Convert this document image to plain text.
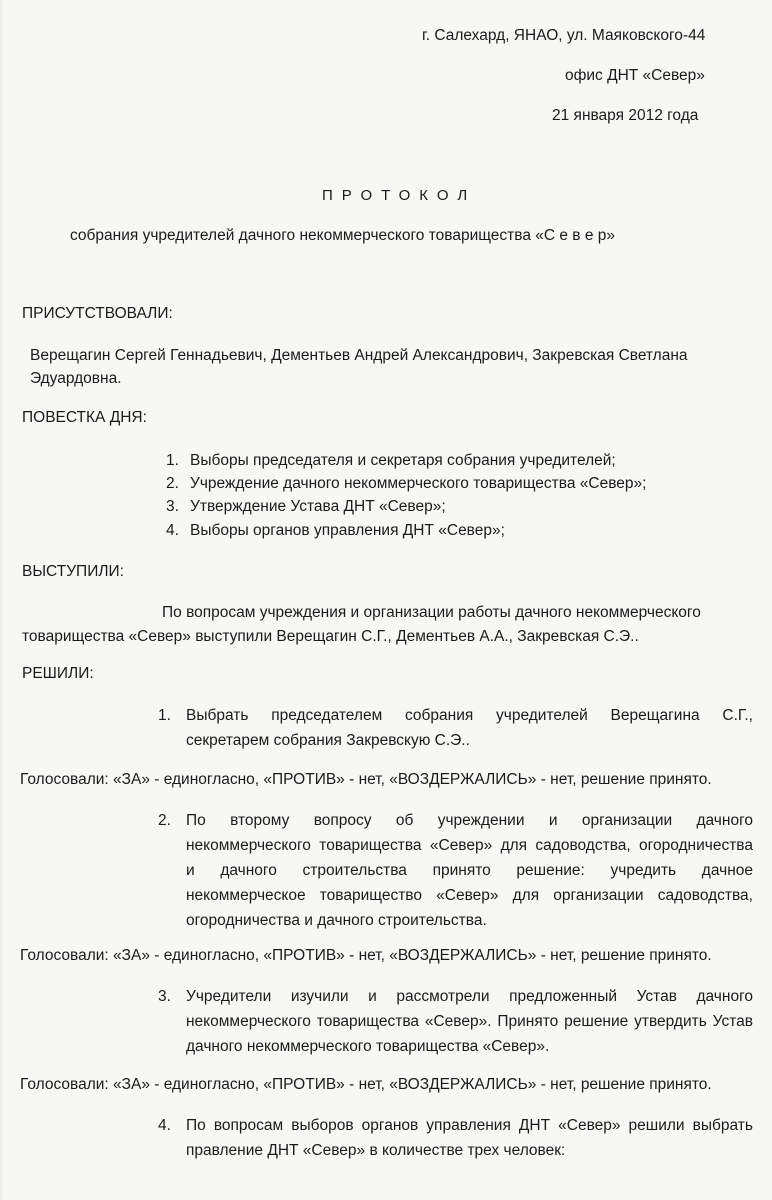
г. Салехард, ЯНАО, ул. Маяковского-44
офис ДНТ «Север»
21 января 2012 года
ПРОТОКОЛ
собрания учредителей дачного некоммерческого товарищества «С е в е р»
ПРИСУТСТВОВАЛИ:
Верещагин Сергей Геннадьевич, Дементьев Андрей Александрович, Закревская Светлана
Эдуардовна.
ПОВЕСТКА ДНЯ:
1. Выборы председателя и секретаря собрания учредителей;
2. Учреждение дачного некоммерческого товарищества «Север»;
3. Утверждение Устава ДНТ «Север»;
4. Выборы органов управления ДНТ «Север»;
ВЫСТУПИЛИ:
По вопросам учреждения и организации работы дачного некоммерческого
товарищества «Север» выступили Верещагин С.Г., Дементьев А.А., Закревская С.Э..
РЕШИЛИ:
1. Выбрать председателем собрания учредителей Верещагина С.Г.,
секретарем собрания Закревскую С.Э..
Голосовали: «ЗА» - единогласно, «ПРОТИВ» - нет, «ВОЗДЕРЖАЛИСЬ» - нет, решение принято.
2. По второму вопросу об учреждении и организации дачного
некоммерческого товарищества «Север» для садоводства, огородничества
и дачного строительства принято решение: учредить дачное
некоммерческое товарищество «Север» для организации садоводства,
огородничества и дачного строительства.
Голосовали: «ЗА» - единогласно, «ПРОТИВ» - нет, «ВОЗДЕРЖАЛИСЬ» - нет, решение принято.
3. Учредители изучили и рассмотрели предложенный Устав дачного
некоммерческого товарищества «Север». Принято решение утвердить Устав
дачного некоммерческого товарищества «Север».
Голосовали: «ЗА» - единогласно, «ПРОТИВ» - нет, «ВОЗДЕРЖАЛИСЬ» - нет, решение принято.
4. По вопросам выборов органов управления ДНТ «Север» решили выбрать
правление ДНТ «Север» в количестве трех человек:
